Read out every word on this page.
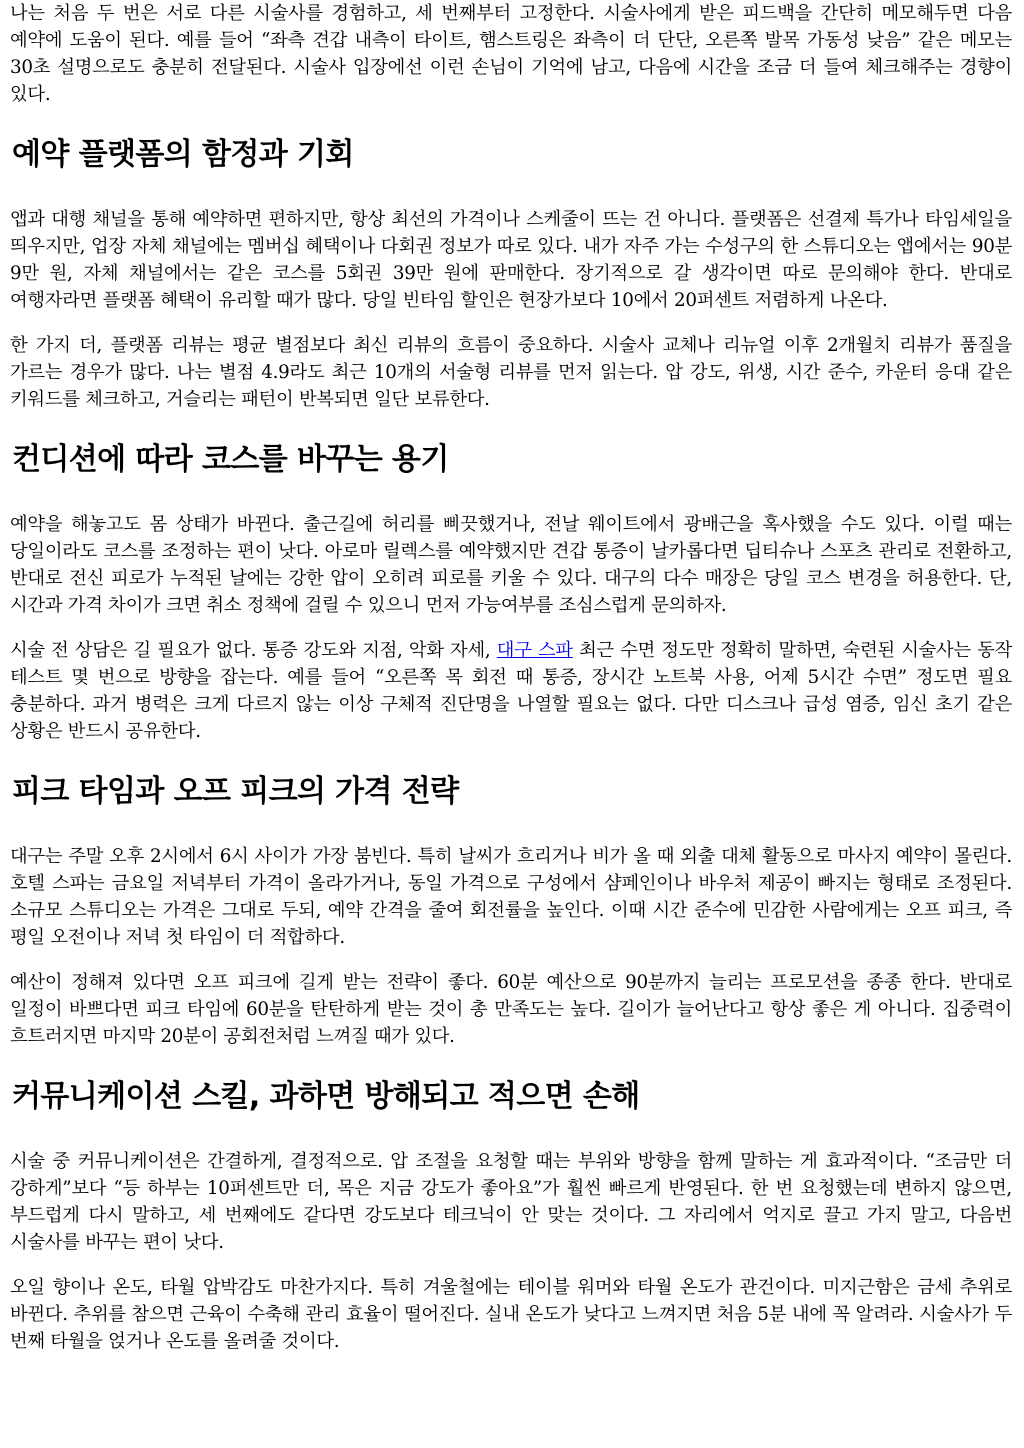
나는 처음 두 번은 서로 다른 시술사를 경험하고, 세 번째부터 고정한다. 시술사에게 받은 피드백을 간단히 메모해두면 다음 예약에 도움이 된다. 예를 들어 “좌측 견갑 내측이 타이트, 햄스트링은 좌측이 더 단단, 오른쪽 발목 가동성 낮음” 같은 메모는 30초 설명으로도 충분히 전달된다. 시술사 입장에선 이런 손님이 기억에 남고, 다음에 시간을 조금 더 들여 체크해주는 경향이 있다.

예약 플랫폼의 함정과 기회

앱과 대행 채널을 통해 예약하면 편하지만, 항상 최선의 가격이나 스케줄이 뜨는 건 아니다. 플랫폼은 선결제 특가나 타임세일을 띄우지만, 업장 자체 채널에는 멤버십 혜택이나 다회권 정보가 따로 있다. 내가 자주 가는 수성구의 한 스튜디오는 앱에서는 90분 9만 원, 자체 채널에서는 같은 코스를 5회권 39만 원에 판매한다. 장기적으로 갈 생각이면 따로 문의해야 한다. 반대로 여행자라면 플랫폼 혜택이 유리할 때가 많다. 당일 빈타임 할인은 현장가보다 10에서 20퍼센트 저렴하게 나온다.

한 가지 더, 플랫폼 리뷰는 평균 별점보다 최신 리뷰의 흐름이 중요하다. 시술사 교체나 리뉴얼 이후 2개월치 리뷰가 품질을 가르는 경우가 많다. 나는 별점 4.9라도 최근 10개의 서술형 리뷰를 먼저 읽는다. 압 강도, 위생, 시간 준수, 카운터 응대 같은 키워드를 체크하고, 거슬리는 패턴이 반복되면 일단 보류한다.

컨디션에 따라 코스를 바꾸는 용기

예약을 해놓고도 몸 상태가 바뀐다. 출근길에 허리를 삐끗했거나, 전날 웨이트에서 광배근을 혹사했을 수도 있다. 이럴 때는 당일이라도 코스를 조정하는 편이 낫다. 아로마 릴렉스를 예약했지만 견갑 통증이 날카롭다면 딥티슈나 스포츠 관리로 전환하고, 반대로 전신 피로가 누적된 날에는 강한 압이 오히려 피로를 키울 수 있다. 대구의 다수 매장은 당일 코스 변경을 허용한다. 단, 시간과 가격 차이가 크면 취소 정책에 걸릴 수 있으니 먼저 가능여부를 조심스럽게 문의하자.

시술 전 상담은 길 필요가 없다. 통증 강도와 지점, 악화 자세, 대구 스파 최근 수면 정도만 정확히 말하면, 숙련된 시술사는 동작 테스트 몇 번으로 방향을 잡는다. 예를 들어 “오른쪽 목 회전 때 통증, 장시간 노트북 사용, 어제 5시간 수면” 정도면 필요 충분하다. 과거 병력은 크게 다르지 않는 이상 구체적 진단명을 나열할 필요는 없다. 다만 디스크나 급성 염증, 임신 초기 같은 상황은 반드시 공유한다.

피크 타임과 오프 피크의 가격 전략

대구는 주말 오후 2시에서 6시 사이가 가장 붐빈다. 특히 날씨가 흐리거나 비가 올 때 외출 대체 활동으로 마사지 예약이 몰린다. 호텔 스파는 금요일 저녁부터 가격이 올라가거나, 동일 가격으로 구성에서 샴페인이나 바우처 제공이 빠지는 형태로 조정된다. 소규모 스튜디오는 가격은 그대로 두되, 예약 간격을 줄여 회전률을 높인다. 이때 시간 준수에 민감한 사람에게는 오프 피크, 즉 평일 오전이나 저녁 첫 타임이 더 적합하다.

예산이 정해져 있다면 오프 피크에 길게 받는 전략이 좋다. 60분 예산으로 90분까지 늘리는 프로모션을 종종 한다. 반대로 일정이 바쁘다면 피크 타임에 60분을 탄탄하게 받는 것이 총 만족도는 높다. 길이가 늘어난다고 항상 좋은 게 아니다. 집중력이 흐트러지면 마지막 20분이 공회전처럼 느껴질 때가 있다.

커뮤니케이션 스킬, 과하면 방해되고 적으면 손해

시술 중 커뮤니케이션은 간결하게, 결정적으로. 압 조절을 요청할 때는 부위와 방향을 함께 말하는 게 효과적이다. “조금만 더 강하게”보다 “등 하부는 10퍼센트만 더, 목은 지금 강도가 좋아요”가 훨씬 빠르게 반영된다. 한 번 요청했는데 변하지 않으면, 부드럽게 다시 말하고, 세 번째에도 같다면 강도보다 테크닉이 안 맞는 것이다. 그 자리에서 억지로 끌고 가지 말고, 다음번 시술사를 바꾸는 편이 낫다.

오일 향이나 온도, 타월 압박감도 마찬가지다. 특히 겨울철에는 테이블 워머와 타월 온도가 관건이다. 미지근함은 금세 추위로 바뀐다. 추위를 참으면 근육이 수축해 관리 효율이 떨어진다. 실내 온도가 낮다고 느껴지면 처음 5분 내에 꼭 알려라. 시술사가 두 번째 타월을 얹거나 온도를 올려줄 것이다.
